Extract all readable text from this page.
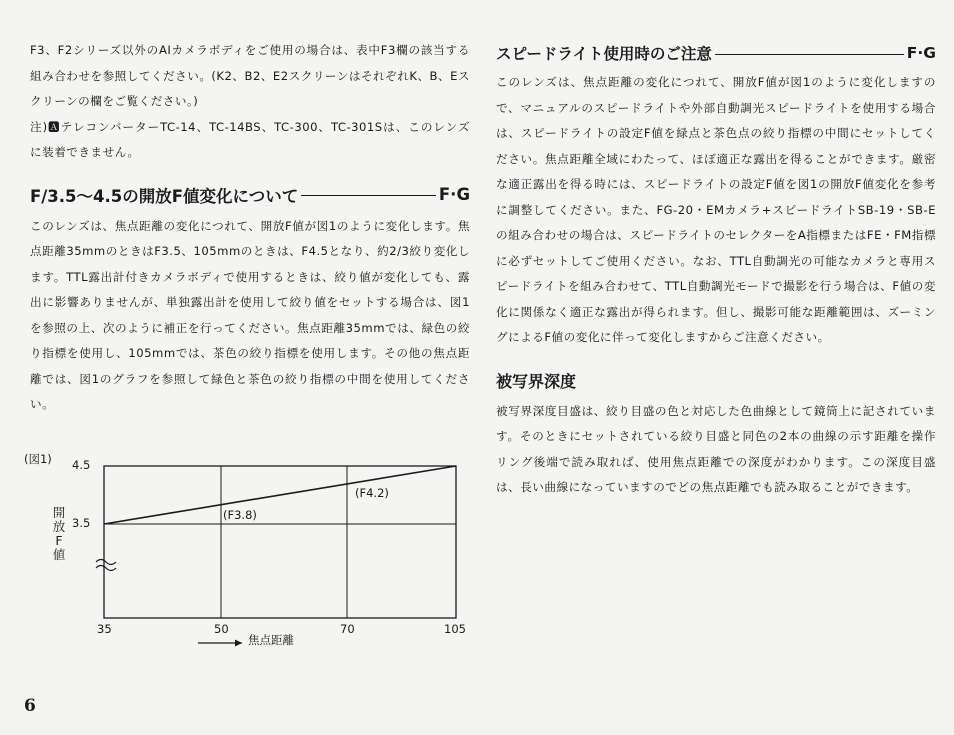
F3、F2シリーズ以外のAIカメラボディをご使用の場合は、表中F3欄の該当する組み合わせを参照してください。(K2、B2、E2スクリーンはそれぞれK、B、Eスクリーンの欄をご覧ください。)

注)🅰テレコンバーターTC-14、TC-14BS、TC-300、TC-301Sは、このレンズに装着できません。

F/3.5〜4.5の開放F値変化について	F·G

このレンズは、焦点距離の変化につれて、開放F値が図1のように変化します。焦点距離35mmのときはF3.5、105mmのときは、F4.5となり、約2/3絞り変化します。TTL露出計付きカメラボディで使用するときは、絞り値が変化しても、露出に影響ありませんが、単独露出計を使用して絞り値をセットする場合は、図1を参照の上、次のように補正を行ってください。焦点距離35mmでは、緑色の絞り指標を使用し、105mmでは、茶色の絞り指標を使用します。その他の焦点距離では、図1のグラフを参照して緑色と茶色の絞り指標の中間を使用してください。

(図1) 4.5
3.5
開
放
F
値
35	50	70	105
(F3.8)
(F4.2)
焦点距離
スピードライト使用時のご注意	F·G

このレンズは、焦点距離の変化につれて、開放F値が図1のように変化しますので、マニュアルのスピードライトや外部自動調光スピードライトを使用する場合は、スピードライトの設定F値を緑点と茶色点の絞り指標の中間にセットしてください。焦点距離全域にわたって、ほぼ適正な露出を得ることができます。厳密な適正露出を得る時には、スピードライトの設定F値を図1の開放F値変化を参考に調整してください。また、FG-20・EMカメラ+スピードライトSB-19・SB-Eの組み合わせの場合は、スピードライトのセレクターをA指標またはFE・FM指標に必ずセットしてご使用ください。なお、TTL自動調光の可能なカメラと専用スピードライトを組み合わせて、TTL自動調光モードで撮影を行う場合は、F値の変化に関係なく適正な露出が得られます。但し、撮影可能な距離範囲は、ズーミングによるF値の変化に伴って変化しますからご注意ください。

被写界深度

被写界深度目盛は、絞り目盛の色と対応した色曲線として鏡筒上に記されています。そのときにセットされている絞り目盛と同色の2本の曲線の示す距離を操作リング後端で読み取れば、使用焦点距離での深度がわかります。この深度目盛は、長い曲線になっていますのでどの焦点距離でも読み取ることができます。

6
